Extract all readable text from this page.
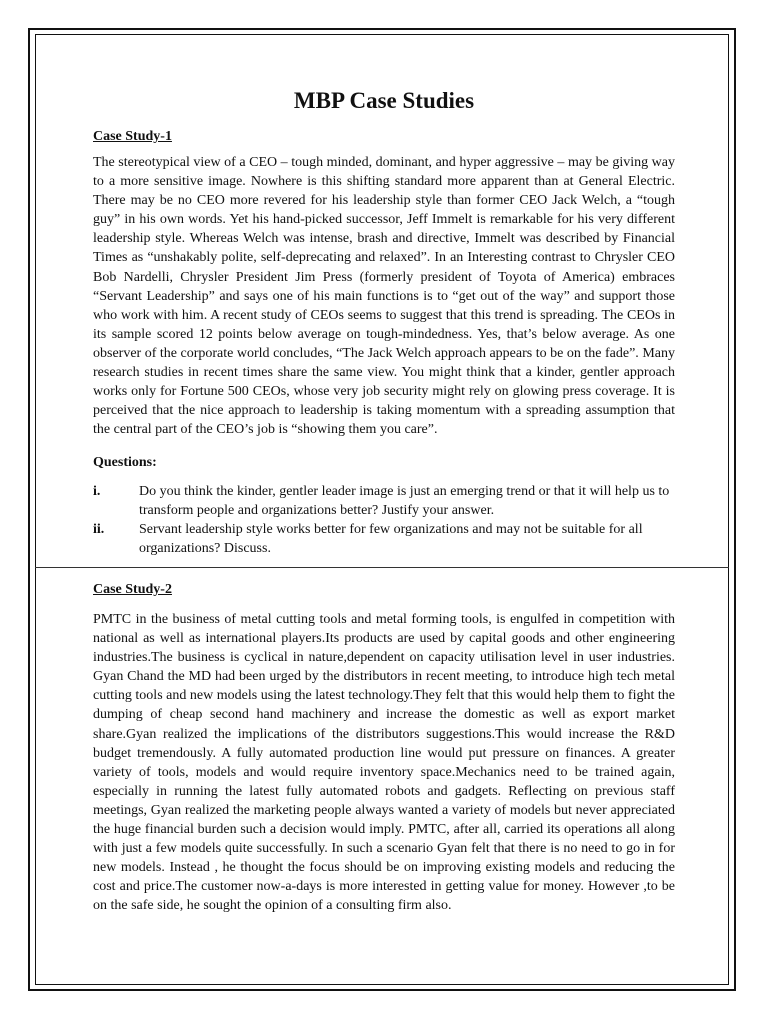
MBP Case Studies
Case Study-1

The stereotypical view of a CEO – tough minded, dominant, and hyper aggressive – may be giving way to a more sensitive image. Nowhere is this shifting standard more apparent than at General Electric. There may be no CEO more revered for his leadership style than former CEO Jack Welch, a “tough guy” in his own words. Yet his hand-picked successor, Jeff Immelt is remarkable for his very different leadership style. Whereas Welch was intense, brash and directive, Immelt was described by Financial Times as “unshakably polite, self-deprecating and relaxed”. In an Interesting contrast to Chrysler CEO Bob Nardelli, Chrysler President Jim Press (formerly president of Toyota of America) embraces “Servant Leadership” and says one of his main functions is to “get out of the way” and support those who work with him. A recent study of CEOs seems to suggest that this trend is spreading. The CEOs in its sample scored 12 points below average on tough-mindedness. Yes, that’s below average. As one observer of the corporate world concludes, “The Jack Welch approach appears to be on the fade”. Many research studies in recent times share the same view. You might think that a kinder, gentler approach works only for Fortune 500 CEOs, whose very job security might rely on glowing press coverage. It is perceived that the nice approach to leadership is taking momentum with a spreading assumption that the central part of the CEO’s job is “showing them you care”.

Questions:
i.	Do you think the kinder, gentler leader image is just an emerging trend or that it will help us to transform people and organizations better? Justify your answer.
ii.	Servant leadership style works better for few organizations and may not be suitable for all organizations? Discuss.
Case Study-2

PMTC in the business of metal cutting tools and metal forming tools, is engulfed in competition with national as well as international players.Its products are used by capital goods and other engineering industries.The business is cyclical in nature,dependent on capacity utilisation level in user industries. Gyan Chand the MD had been urged by the distributors in recent meeting, to introduce high tech metal cutting tools and new models using the latest technology.They felt that this would help them to fight the dumping of cheap second hand machinery and increase the domestic as well as export market share.Gyan realized the implications of the distributors suggestions.This would increase the R&D budget tremendously. A fully automated production line would put pressure on finances. A greater variety of tools, models and would require inventory space.Mechanics need to be trained again, especially in running the latest fully automated robots and gadgets. Reflecting on previous staff meetings, Gyan realized the marketing people always wanted a variety of models but never appreciated the huge financial burden such a decision would imply. PMTC, after all, carried its operations all along with just a few models quite successfully. In such a scenario Gyan felt that there is no need to go in for new models. Instead , he thought the focus should be on improving existing models and reducing the cost and price.The customer now-a-days is more interested in getting value for money. However ,to be on the safe side, he sought the opinion of a consulting firm also.
